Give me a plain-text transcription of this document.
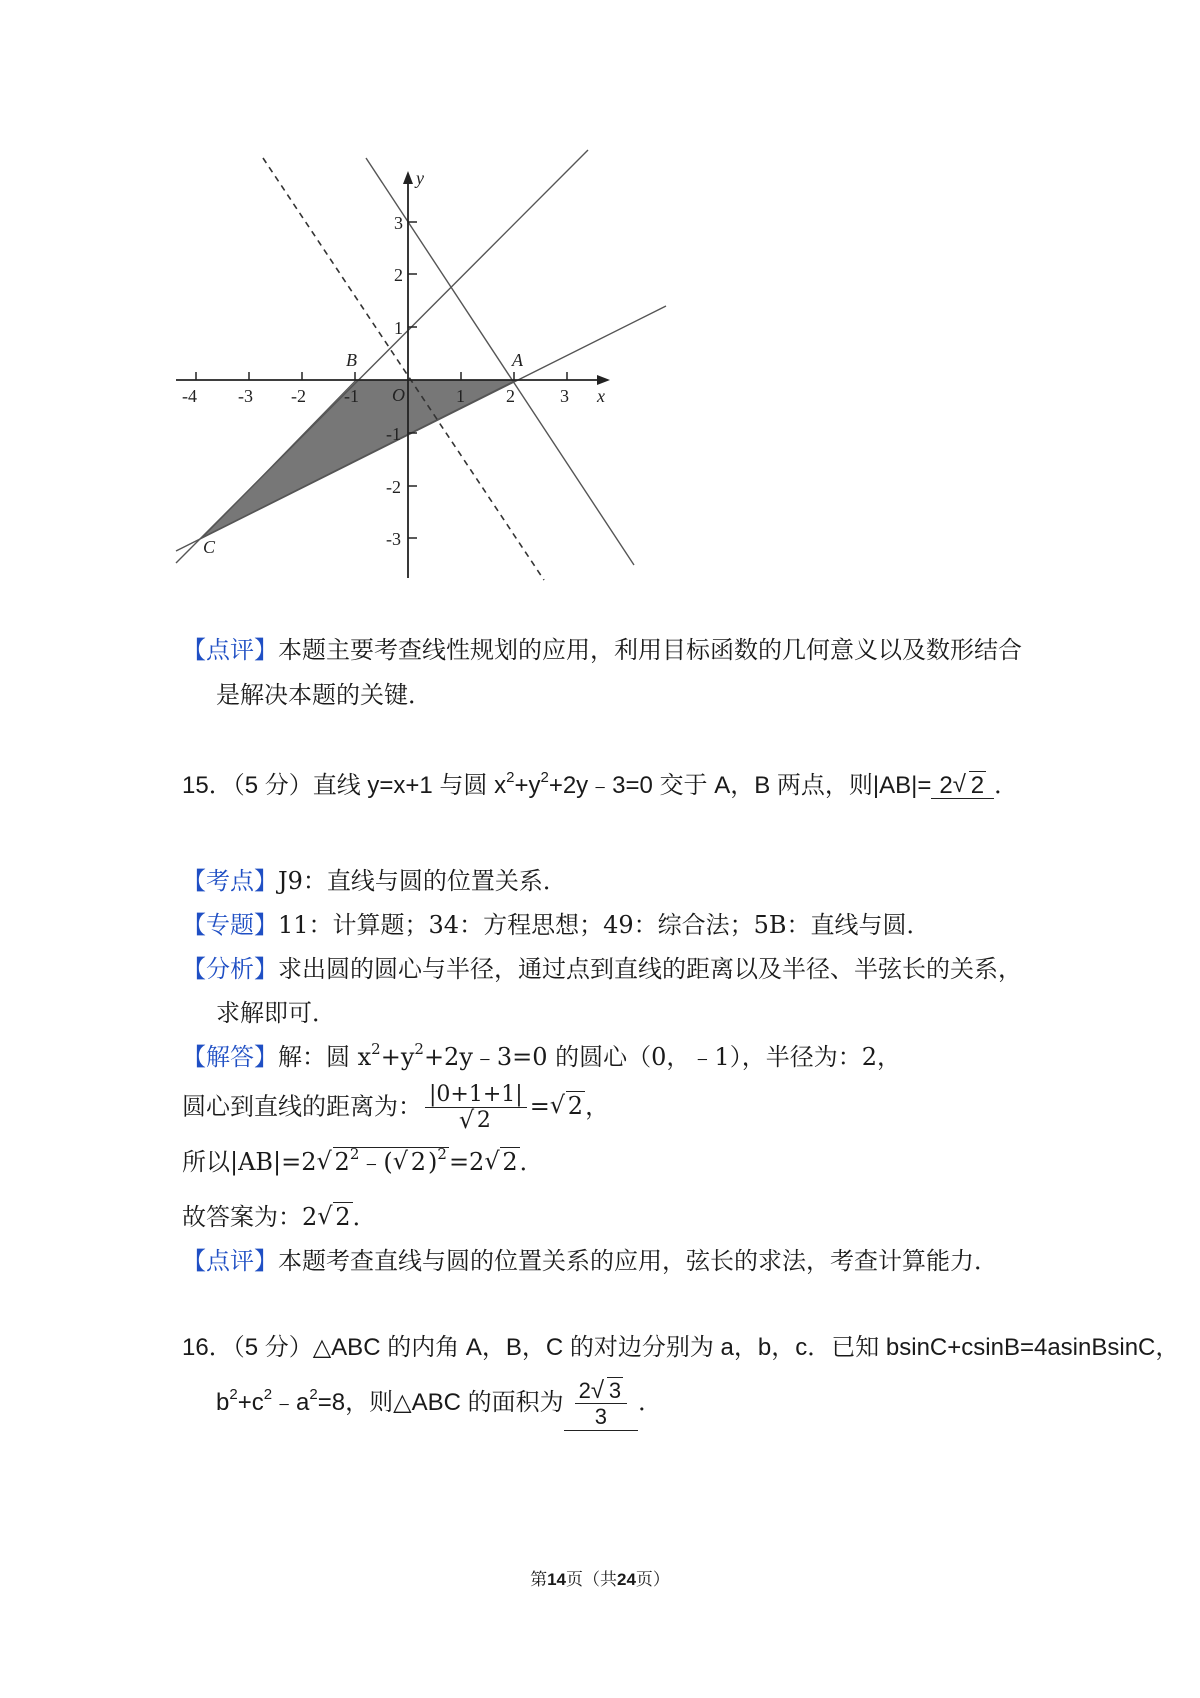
-4 -3 -2 -1	1 2	3
3
2
1
-1
-2
-3
y
x
O
B	A
C
【点评】本题主要考查线性规划的应用，利用目标函数的几何意义以及数形结合
是解决本题的关键．
15．（5 分）直线 y=x+1 与圆 $x^2+y^2+2y﹣3=0$ 交于 A，B 两点，则|AB|= 2√ 2 ．
【考点】J9：直线与圆的位置关系．
【专题】11：计算题；34：方程思想；49：综合法；5B：直线与圆．
【分析】求出圆的圆心与半径，通过点到直线的距离以及半径、半弦长的关系，
求解即可．
【解答】解：圆 $x^2+y^2+2y﹣3=0$ 的圆心（0，﹣1），半径为：2，
圆心到直线的距离为： |0+1+1|
√ 2 =√ 2，
所以|AB|=2√ $2^2﹣(√$ 2)$^2$=2√ 2．
故答案为：2√ 2．
【点评】本题考查直线与圆的位置关系的应用，弦长的求法，考查计算能力．
16．（5 分）△ABC 的内角 A，B，C 的对边分别为 a，b，c．已知 bsinC+csinB=4asinBsinC，
$b^2+c^2﹣a^2=8$，则△ABC 的面积为 $\frac{2√ 3}{3}$ ．
第14页（共24页）
